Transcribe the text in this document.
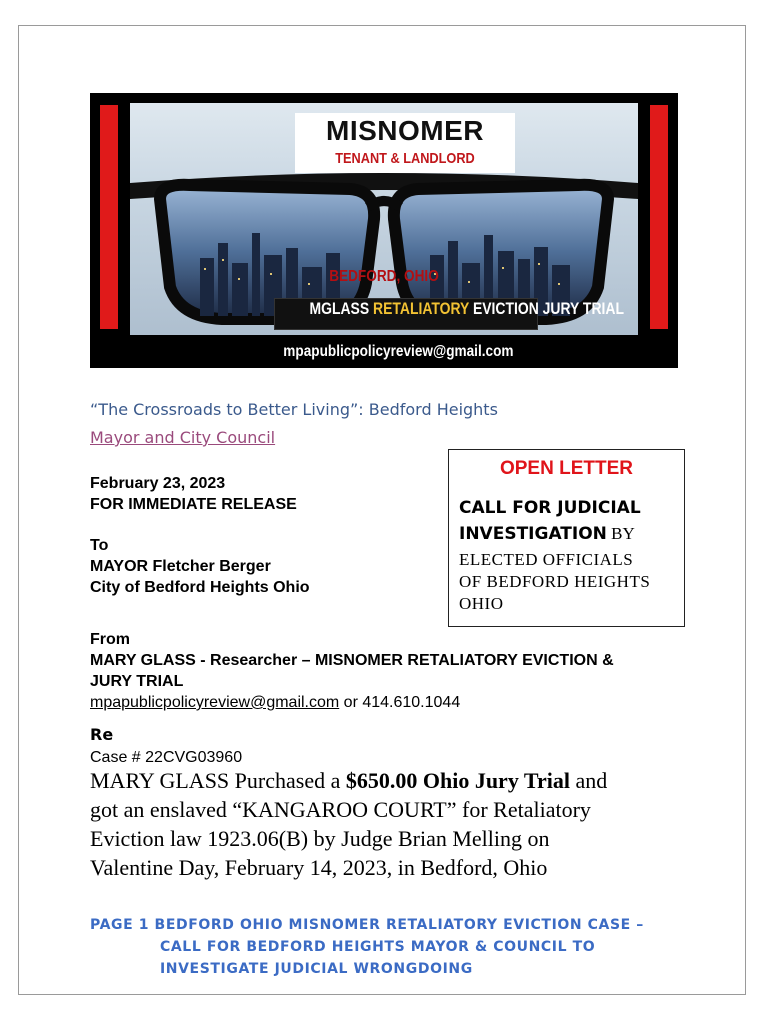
MISNOMER
TENANT & LANDLORD
BEDFORD, OHIO
MGLASS RETALIATORY EVICTION JURY TRIAL
mpapublicpolicyreview@gmail.com
“The Crossroads to Better Living”: Bedford Heights
Mayor and City Council
February 23, 2023
FOR IMMEDIATE RELEASE
To
MAYOR Fletcher Berger
City of Bedford Heights Ohio
OPEN LETTER
CALL FOR JUDICIAL
INVESTIGATION BY
ELECTED OFFICIALS
OF BEDFORD HEIGHTS
OHIO
From
MARY GLASS - Researcher – MISNOMER RETALIATORY EVICTION &
JURY TRIAL
mpapublicpolicyreview@gmail.com or 414.610.1044
Re
Case # 22CVG03960
MARY GLASS Purchased a $650.00 Ohio Jury Trial and
got an enslaved “KANGAROO COURT” for Retaliatory
Eviction law 1923.06(B) by Judge Brian Melling on
Valentine Day, February 14, 2023, in Bedford, Ohio
PAGE 1 BEDFORD OHIO MISNOMER RETALIATORY EVICTION CASE –
CALL FOR BEDFORD HEIGHTS MAYOR & COUNCIL TO
INVESTIGATE JUDICIAL WRONGDOING
